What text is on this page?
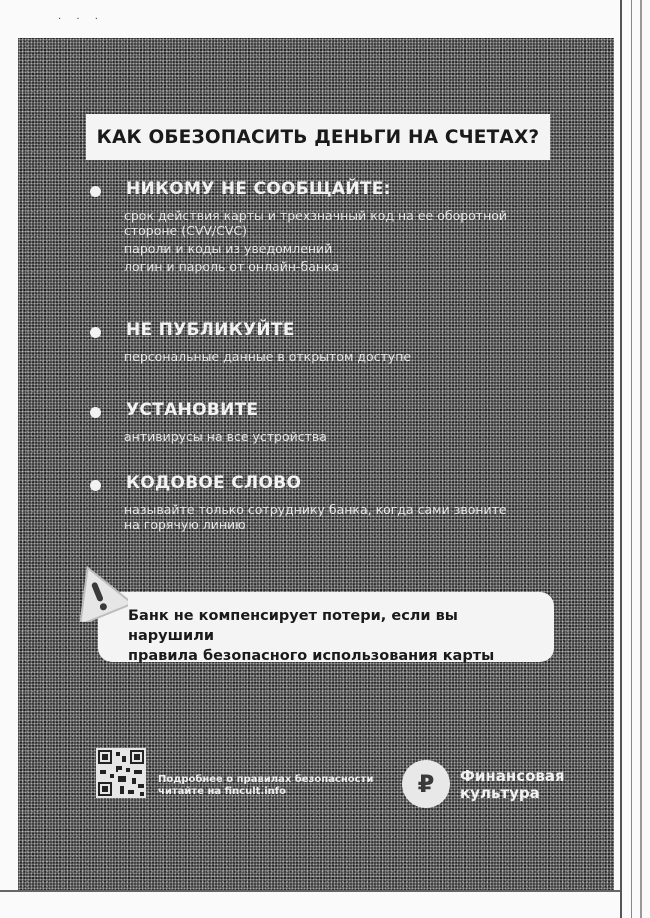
· · ·
КАК ОБЕЗОПАСИТЬ ДЕНЬГИ НА СЧЕТАХ?
НИКОМУ НЕ СООБЩАЙТЕ:
срок действия карты и трехзначный код на ее оборотной
стороне (CVV/CVC)
пароли и коды из уведомлений
логин и пароль от онлайн-банка
НЕ ПУБЛИКУЙТЕ
персональные данные в открытом доступе
УСТАНОВИТЕ
антивирусы на все устройства
КОДОВОЕ СЛОВО
называйте только сотруднику банка, когда сами звоните
на горячую линию
Банк не компенсирует потери, если вы нарушили
правила безопасного использования карты
Подробнее о правилах безопасности
читайте на fincult.info	₽ Финансовая
культура
